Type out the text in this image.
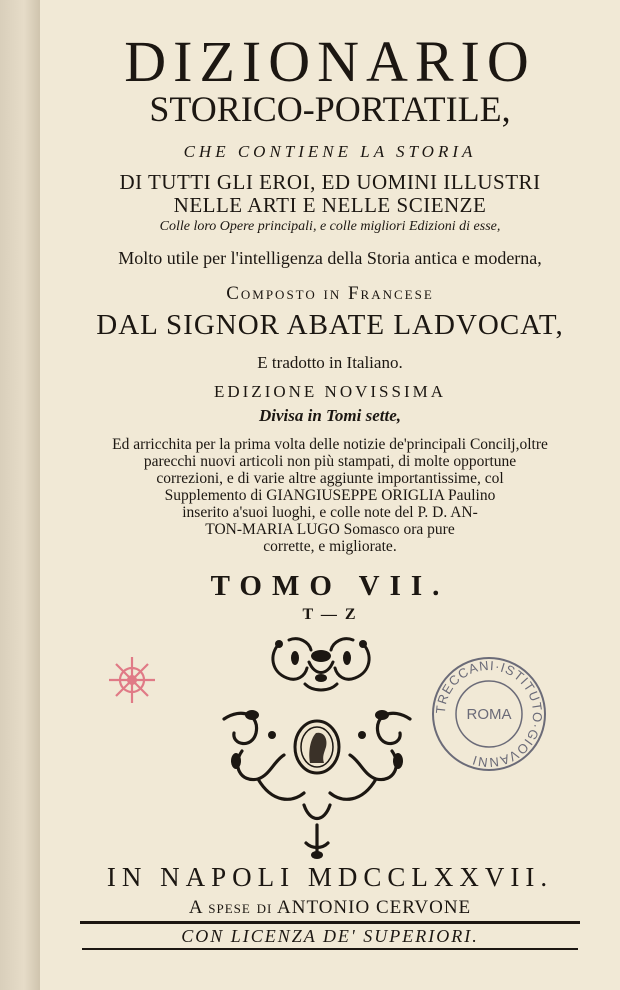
DIZIONARIO
STORICO-PORTATILE,
CHE CONTIENE LA STORIA
DI TUTTI GLI EROI, ED UOMINI ILLUSTRI
NELLE ARTI E NELLE SCIENZE
Colle loro Opere principali, e colle migliori Edizioni di esse,
Molto utile per l'intelligenza della Storia antica e moderna,
Composto in Francese
DAL SIGNOR ABATE LADVOCAT,
E tradotto in Italiano.
EDIZIONE NOVISSIMA
Divisa in Tomi sette,
Ed arricchita per la prima volta delle notizie de'principali Concilj,oltre
parecchi nuovi articoli non più stampati, di molte opportune
correzioni, e di varie altre aggiunte importantissime, col
Supplemento di GIANGIUSEPPE ORIGLIA Paulino
inserito a'suoi luoghi, e colle note del P. D. AN-
TON-MARIA LUGO Somasco ora pure
corrette, e migliorate.
TOMO VII.
T — Z
TRECCANI·ISTITUTO·GIOVANNI
ROMA
IN NAPOLI MDCCLXXVII.
A spese di ANTONIO CERVONE
CON LICENZA DE' SUPERIORI.
